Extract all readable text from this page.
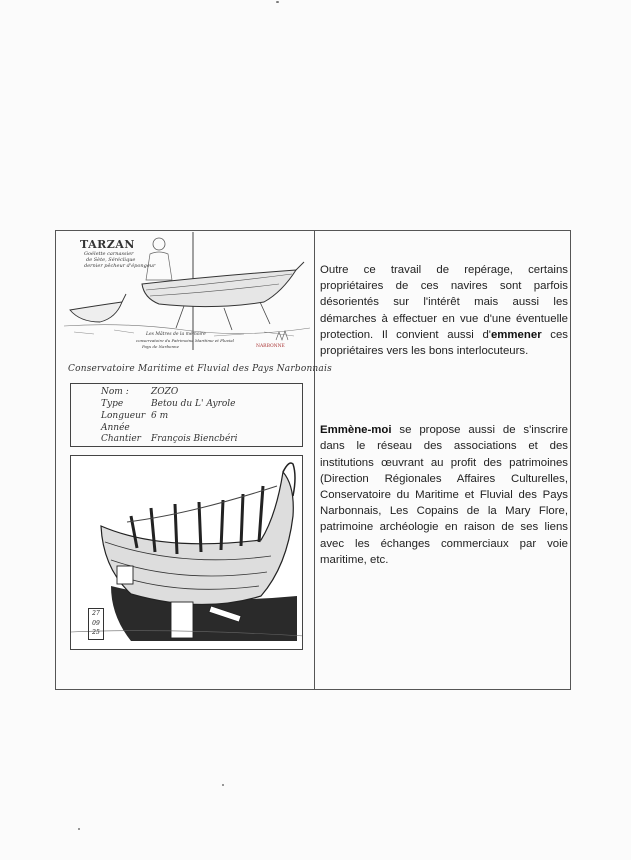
TARZAN
Goélette carnassier
de Sète, Séréclique
dernier pêcheur d'épongeur
Les Mâtres de la mémoire
conservatoire du Patrimoine Maritime et Fluvial
Pays de Narbonne	NARBONNE
Conservatoire Maritime et Fluvial des Pays Narbonnais
Nom : ZOZO
Type	Betou du L' Ayrole
Longueur 6 m
Année
Chantier François Biencbéri
27
09
25

Outre ce travail de repérage, certains propriétaires de ces navires sont parfois désorientés sur l'intérêt mais aussi les démarches à effectuer en vue d'une éventuelle protection. Il convient aussi d'emmener ces propriétaires vers les bons interlocuteurs.

Emmène-moi se propose aussi de s'inscrire dans le réseau des associations et des institutions œuvrant au profit des patrimoines (Direction Régionales Affaires Culturelles, Conservatoire du Maritime et Fluvial des Pays Narbonnais, Les Copains de la Mary Flore, patrimoine archéologie en raison de ses liens avec les échanges commerciaux par voie maritime, etc.
